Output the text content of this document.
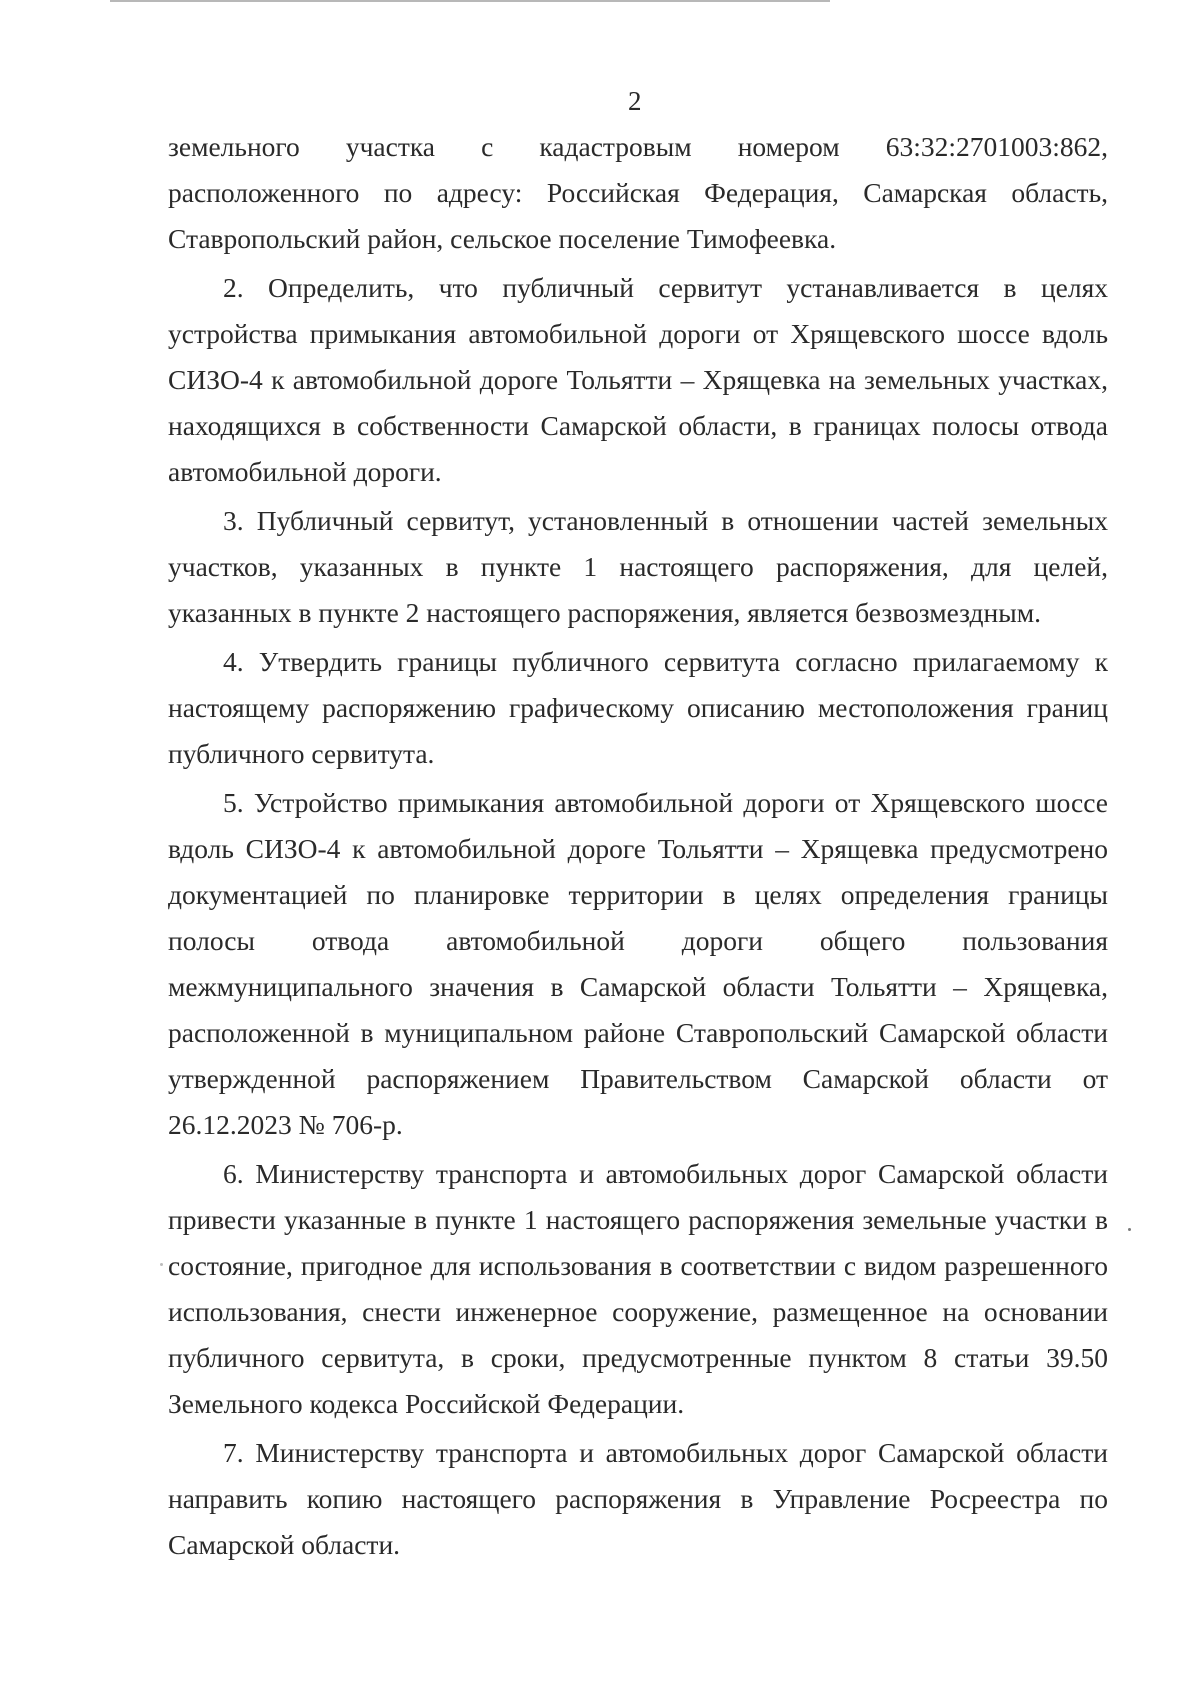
2

земельного участка с кадастровым номером 63:32:2701003:862, расположенного по адресу: Российская Федерация, Самарская область, Ставропольский район, сельское поселение Тимофеевка.

2. Определить, что публичный сервитут устанавливается в целях устройства примыкания автомобильной дороги от Хрящевского шоссе вдоль СИЗО-4 к автомобильной дороге Тольятти – Хрящевка на земельных участках, находящихся в собственности Самарской области, в границах полосы отвода автомобильной дороги.

3. Публичный сервитут, установленный в отношении частей земельных участков, указанных в пункте 1 настоящего распоряжения, для целей, указанных в пункте 2 настоящего распоряжения, является безвозмездным.

4. Утвердить границы публичного сервитута согласно прилагаемому к настоящему распоряжению графическому описанию местоположения границ публичного сервитута.

5. Устройство примыкания автомобильной дороги от Хрящевского шоссе вдоль СИЗО-4 к автомобильной дороге Тольятти – Хрящевка предусмотрено документацией по планировке территории в целях определения границы полосы отвода автомобильной дороги общего пользования межмуниципального значения в Самарской области Тольятти – Хрящевка, расположенной в муниципальном районе Ставропольский Самарской области утвержденной распоряжением Правительством Самарской области от 26.12.2023 № 706-р.

6. Министерству транспорта и автомобильных дорог Самарской области привести указанные в пункте 1 настоящего распоряжения земельные участки в состояние, пригодное для использования в соответствии с видом разрешенного использования, снести инженерное сооружение, размещенное на основании публичного сервитута, в сроки, предусмотренные пунктом 8 статьи 39.50 Земельного кодекса Российской Федерации.

7. Министерству транспорта и автомобильных дорог Самарской области направить копию настоящего распоряжения в Управление Росреестра по Самарской области.
